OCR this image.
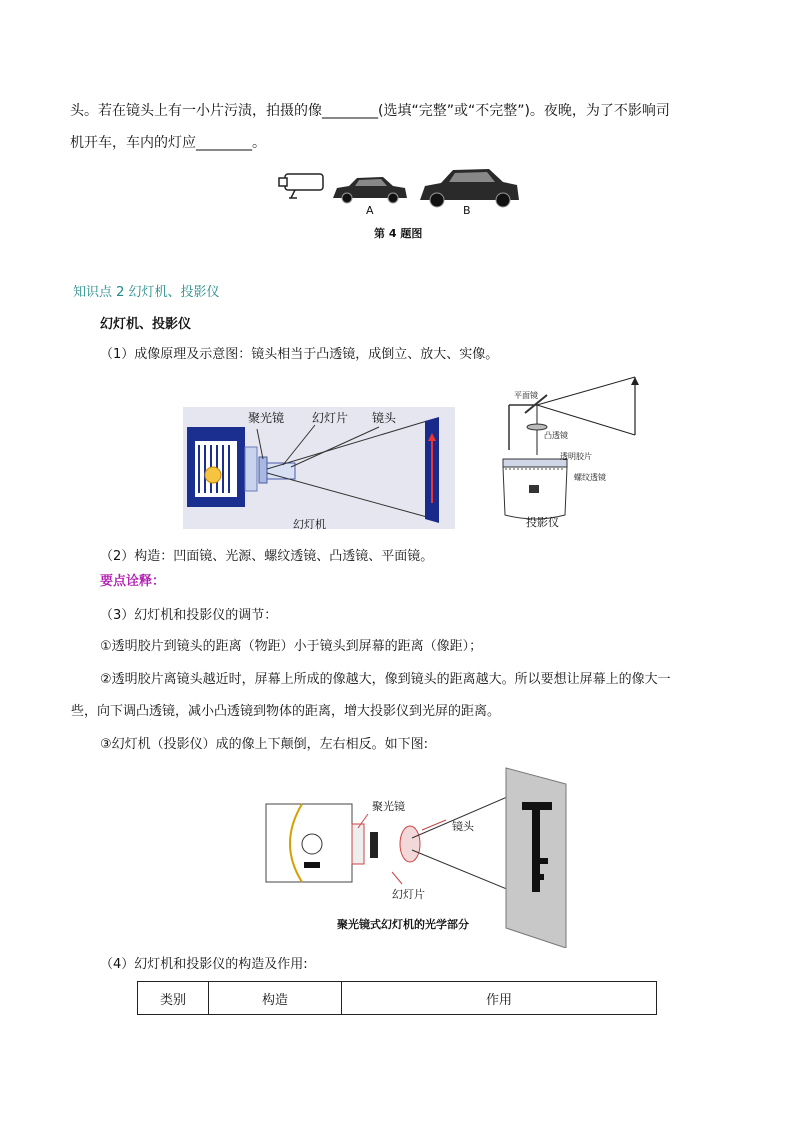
头。若在镜头上有一小片污渍，拍摄的像________(选填“完整”或“不完整”)。夜晚，为了不影响司
机开车，车内的灯应________。
A	B
第 4 题图
知识点 2 幻灯机、投影仪
幻灯机、投影仪
（1）成像原理及示意图：镜头相当于凸透镜，成倒立、放大、实像。
聚光镜 幻灯片 镜头
幻灯机
平面镜
凸透镜
透明胶片
螺纹透镜
投影仪
（2）构造：凹面镜、光源、螺纹透镜、凸透镜、平面镜。
要点诠释：
（3）幻灯机和投影仪的调节：
①透明胶片到镜头的距离（物距）小于镜头到屏幕的距离（像距）；
②透明胶片离镜头越近时，屏幕上所成的像越大，像到镜头的距离越大。所以要想让屏幕上的像大一
些，向下调凸透镜，减小凸透镜到物体的距离，增大投影仪到光屏的距离。
③幻灯机（投影仪）成的像上下颠倒，左右相反。如下图:
聚光镜
镜头
幻灯片
聚光镜式幻灯机的光学部分
（4）幻灯机和投影仪的构造及作用:
类别	构造	作用
